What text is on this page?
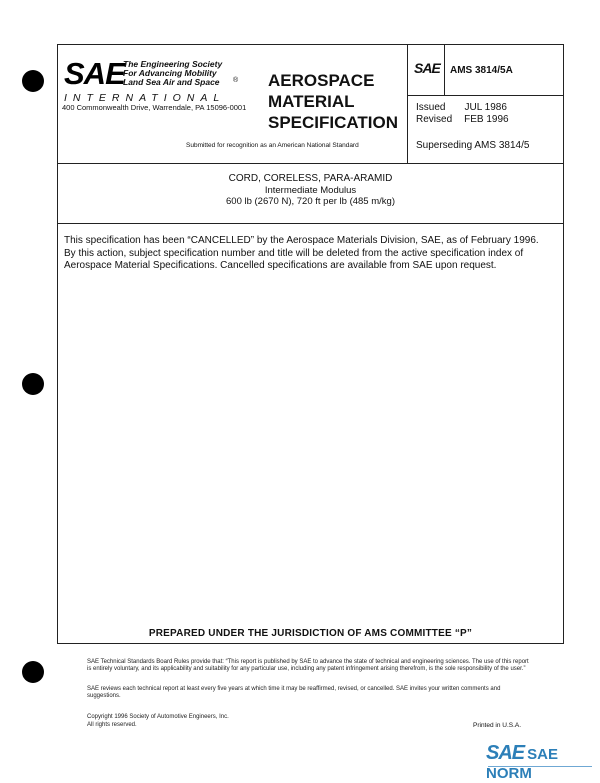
SAE
The Engineering Society
For Advancing Mobility
Land Sea Air and Space	®
INTERNATIONAL
400 Commonwealth Drive, Warrendale, PA 15096-0001
AEROSPACE
MATERIAL
SPECIFICATION
Submitted for recognition as an American National Standard
SAE AMS 3814/5A
Issued JUL 1986
Revised FEB 1996
Superseding AMS 3814/5
CORD, CORELESS, PARA-ARAMID
Intermediate Modulus
600 lb (2670 N), 720 ft per lb (485 m/kg)
This specification has been “CANCELLED” by the Aerospace Materials Division, SAE, as of February 1996. By this action, subject specification number and title will be deleted from the active specification index of Aerospace Material Specifications. Cancelled specifications are available from SAE upon request.
PREPARED UNDER THE JURISDICTION OF AMS COMMITTEE “P”
SAE Technical Standards Board Rules provide that: “This report is published by SAE to advance the state of technical and engineering sciences. The use of this report is entirely voluntary, and its applicability and suitability for any particular use, including any patent infringement arising therefrom, is the sole responsibility of the user.”
SAE reviews each technical report at least every five years at which time it may be reaffirmed, revised, or cancelled. SAE invites your written comments and suggestions.
Copyright 1996 Society of Automotive Engineers, Inc.
All rights reserved.	Printed in U.S.A.
SAE SAE NORM
